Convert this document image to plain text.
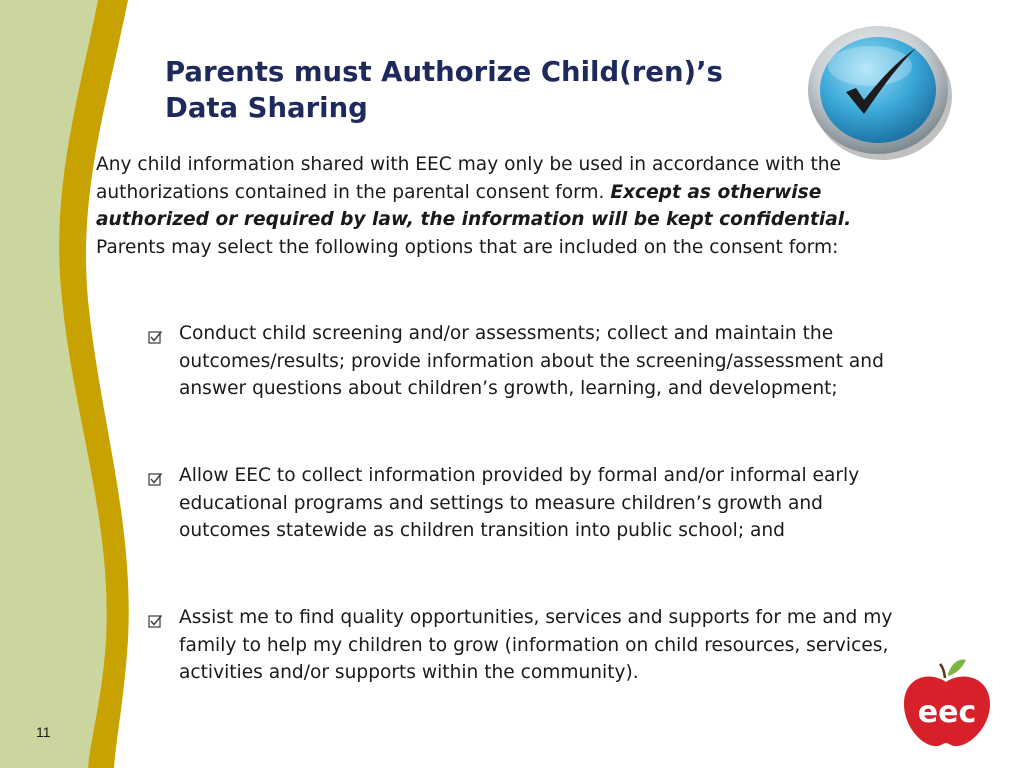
Parents must Authorize Child(ren)’s
Data Sharing

Any child information shared with EEC may only be used in accordance with the authorizations contained in the parental consent form. Except as otherwise authorized or required by law, the information will be kept confidential. Parents may select the following options that are included on the consent form:

Conduct child screening and/or assessments; collect and maintain the outcomes/results; provide information about the screening/assessment and answer questions about children’s growth, learning, and development;
Allow EEC to collect information provided by formal and/or informal early educational programs and settings to measure children’s growth and outcomes statewide as children transition into public school; and
Assist me to find quality opportunities, services and supports for me and my family to help my children to grow (information on child resources, services, activities and/or supports within the community).
11
eec
